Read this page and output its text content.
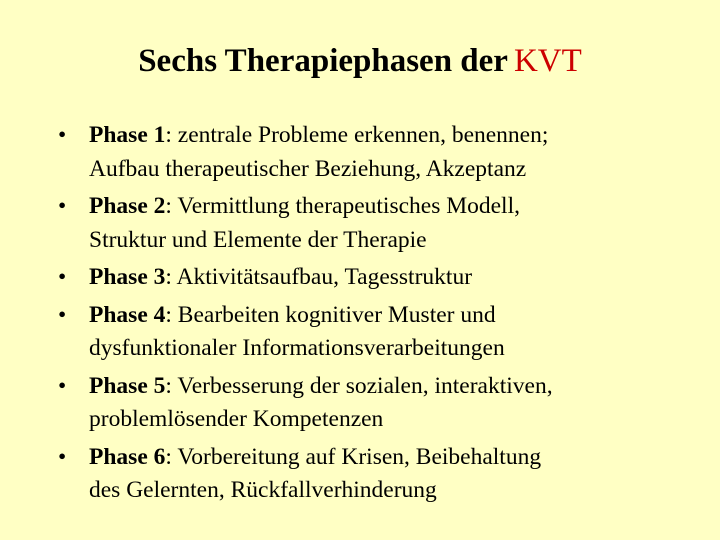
Sechs Therapiephasen der KVT
• Phase 1: zentrale Probleme erkennen, benennen;
Aufbau therapeutischer Beziehung, Akzeptanz
• Phase 2: Vermittlung therapeutisches Modell,
Struktur und Elemente der Therapie
• Phase 3: Aktivitätsaufbau, Tagesstruktur
• Phase 4: Bearbeiten kognitiver Muster und
dysfunktionaler Informationsverarbeitungen
• Phase 5: Verbesserung der sozialen, interaktiven,
problemlösender Kompetenzen
• Phase 6: Vorbereitung auf Krisen, Beibehaltung
des Gelernten, Rückfallverhinderung
